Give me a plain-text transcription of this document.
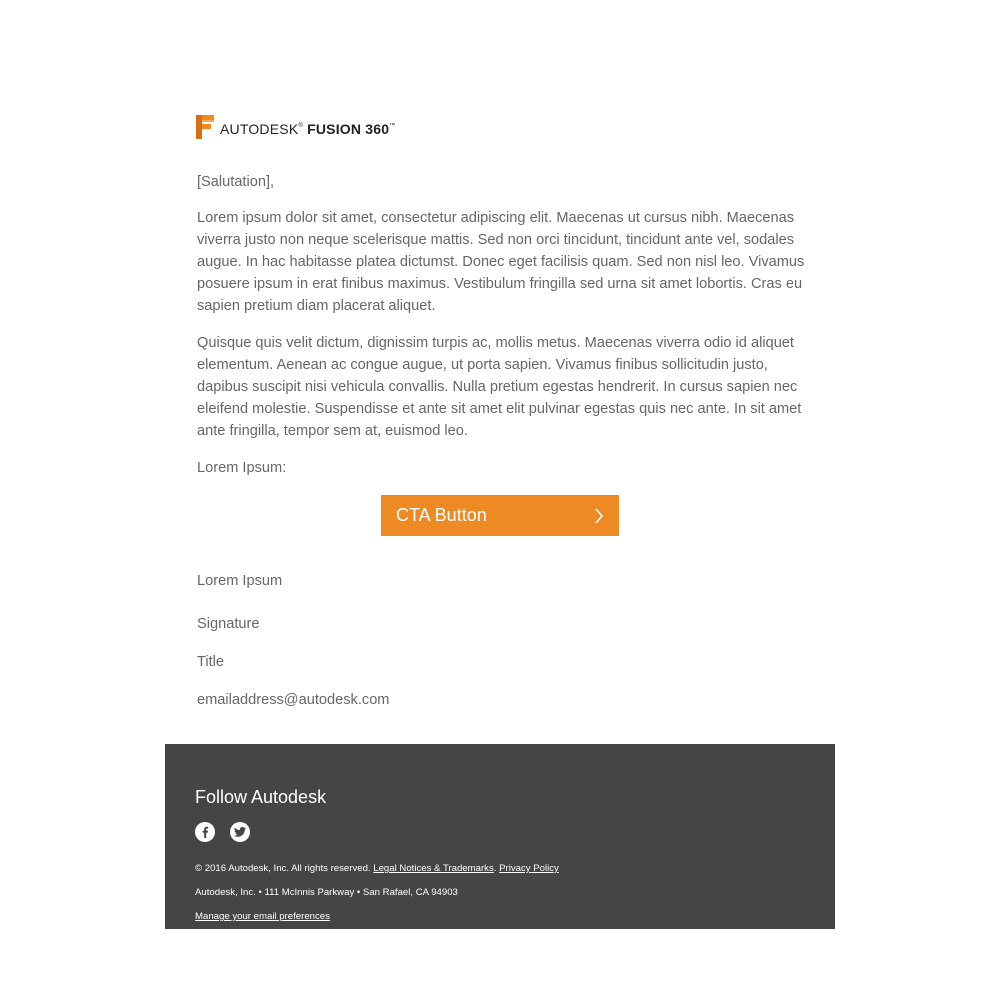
AUTODESK® FUSION 360™

[Salutation],

Lorem ipsum dolor sit amet, consectetur adipiscing elit. Maecenas ut cursus nibh. Maecenas viverra justo non neque scelerisque mattis. Sed non orci tincidunt, tincidunt ante vel, sodales augue. In hac habitasse platea dictumst. Donec eget facilisis quam. Sed non nisl leo. Vivamus posuere ipsum in erat finibus maximus. Vestibulum fringilla sed urna sit amet lobortis. Cras eu sapien pretium diam placerat aliquet.

Quisque quis velit dictum, dignissim turpis ac, mollis metus. Maecenas viverra odio id aliquet elementum. Aenean ac congue augue, ut porta sapien. Vivamus finibus sollicitudin justo, dapibus suscipit nisi vehicula convallis. Nulla pretium egestas hendrerit. In cursus sapien nec eleifend molestie. Suspendisse et ante sit amet elit pulvinar egestas quis nec ante. In sit amet ante fringilla, tempor sem at, euismod leo.

Lorem Ipsum:

Lorem Ipsum

Signature

Title

emailaddress@autodesk.com

CTA Button
Follow Autodesk
© 2016 Autodesk, Inc. All rights reserved. Legal Notices & Trademarks. Privacy Policy
Autodesk, Inc. • 111 McInnis Parkway • San Rafael, CA 94903
Manage your email preferences
